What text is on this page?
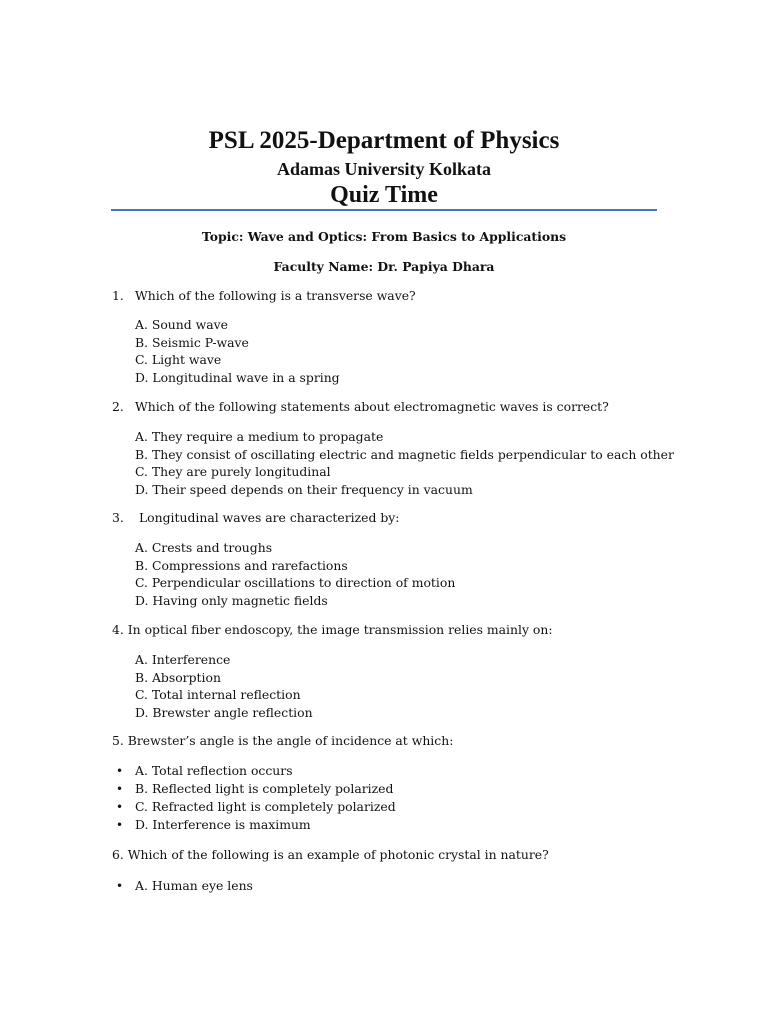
PSL 2025-Department of Physics
Adamas University Kolkata
Quiz Time
Topic: Wave and Optics: From Basics to Applications
Faculty Name: Dr. Papiya Dhara
1. Which of the following is a transverse wave?
A. Sound wave
B. Seismic P-wave
C. Light wave
D. Longitudinal wave in a spring
2. Which of the following statements about electromagnetic waves is correct?
A. They require a medium to propagate
B. They consist of oscillating electric and magnetic fields perpendicular to each other
C. They are purely longitudinal
D. Their speed depends on their frequency in vacuum
3. Longitudinal waves are characterized by:
A. Crests and troughs
B. Compressions and rarefactions
C. Perpendicular oscillations to direction of motion
D. Having only magnetic fields
4. In optical fiber endoscopy, the image transmission relies mainly on:
A. Interference
B. Absorption
C. Total internal reflection
D. Brewster angle reflection
5. Brewster’s angle is the angle of incidence at which:
• A. Total reflection occurs
• B. Reflected light is completely polarized
• C. Refracted light is completely polarized
• D. Interference is maximum
6. Which of the following is an example of photonic crystal in nature?
• A. Human eye lens
